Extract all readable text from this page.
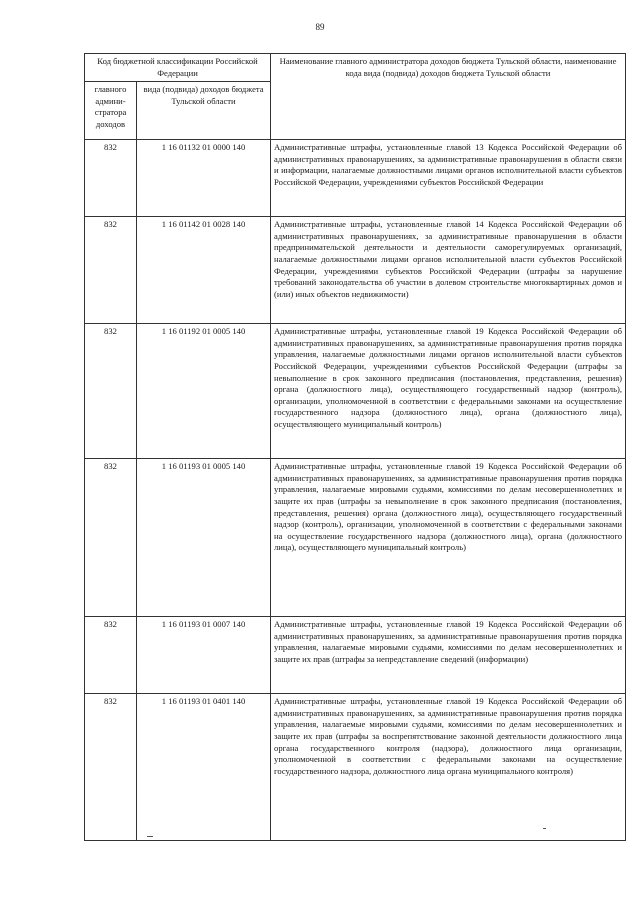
89
Код бюджетной классификации Российской Федерации		Наименование главного администратора доходов бюджета Тульской области, наименование кода вида (подвида) доходов бюджета Тульской области
главного админи-стратора доходов	вида (подвида) доходов бюджета Тульской области	
832	1 16 01132 01 0000 140	Административные штрафы, установленные главой 13 Кодекса Российской Федерации об административных правонарушениях, за административные правонарушения в области связи и информации, налагаемые должностными лицами органов исполнительной власти субъектов Российской Федерации, учреждениями субъектов Российской Федерации
832	1 16 01142 01 0028 140	Административные штрафы, установленные главой 14 Кодекса Российской Федерации об административных правонарушениях, за административные правонарушения в области предпринимательской деятельности и деятельности саморегулируемых организаций, налагаемые должностными лицами органов исполнительной власти субъектов Российской Федерации, учреждениями субъектов Российской Федерации (штрафы за нарушение требований законодательства об участии в долевом строительстве многоквартирных домов и (или) иных объектов недвижимости)
832	1 16 01192 01 0005 140	Административные штрафы, установленные главой 19 Кодекса Российской Федерации об административных правонарушениях, за административные правонарушения против порядка управления, налагаемые должностными лицами органов исполнительной власти субъектов Российской Федерации, учреждениями субъектов Российской Федерации (штрафы за невыполнение в срок законного предписания (постановления, представления, решения) органа (должностного лица), осуществляющего государственный надзор (контроль), организации, уполномоченной в соответствии с федеральными законами на осуществление государственного надзора (должностного лица), органа (должностного лица), осуществляющего муниципальный контроль)
832	1 16 01193 01 0005 140	Административные штрафы, установленные главой 19 Кодекса Российской Федерации об административных правонарушениях, за административные правонарушения против порядка управления, налагаемые мировыми судьями, комиссиями по делам несовершеннолетних и защите их прав (штрафы за невыполнение в срок законного предписания (постановления, представления, решения) органа (должностного лица), осуществляющего государственный надзор (контроль), организации, уполномоченной в соответствии с федеральными законами на осуществление государственного надзора (должностного лица), органа (должностного лица), осуществляющего муниципальный контроль)
832	1 16 01193 01 0007 140	Административные штрафы, установленные главой 19 Кодекса Российской Федерации об административных правонарушениях, за административные правонарушения против порядка управления, налагаемые мировыми судьями, комиссиями по делам несовершеннолетних и защите их прав (штрафы за непредставление сведений (информации)
832	1 16 01193 01 0401 140	Административные штрафы, установленные главой 19 Кодекса Российской Федерации об административных правонарушениях, за административные правонарушения против порядка управления, налагаемые мировыми судьями, комиссиями по делам несовершеннолетних и защите их прав (штрафы за воспрепятствование законной деятельности должностного лица органа государственного контроля (надзора), должностного лица организации, уполномоченной в соответствии с федеральными законами на осуществление государственного надзора, должностного лица органа муниципального контроля)
